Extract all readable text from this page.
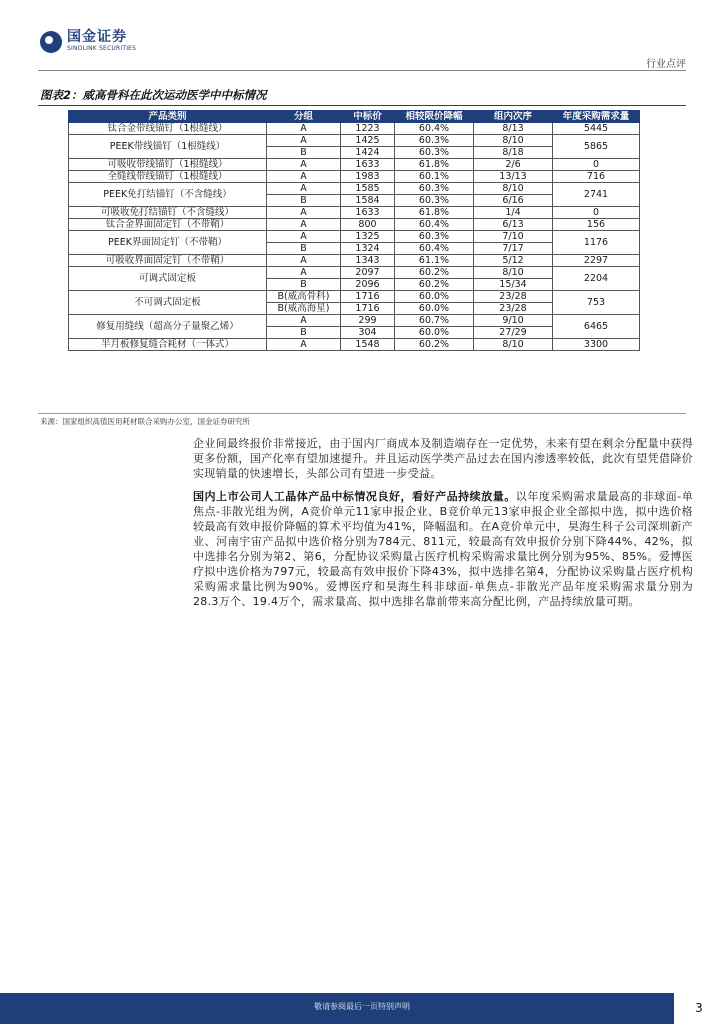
国金证券
SINOLINK SECURITIES
行业点评
图表2：威高骨科在此次运动医学中中标情况
产品类别	分组	中标价	相较限价降幅	组内次序	年度采购需求量
钛合金带线锚钉（1根缝线）	A	1223	60.4%	8/13	5445
PEEK带线锚钉（1根缝线）	A	1425	60.3%	8/10	5865
	B	1424	60.3%	8/18	
可吸收带线锚钉（1根缝线）	A	1633	61.8%	2/6	0
全缝线带线锚钉（1根缝线）	A	1983	60.1%	13/13	716
PEEK免打结锚钉（不含缝线）	A	1585	60.3%	8/10	2741
	B	1584	60.3%	6/16	
可吸收免打结锚钉（不含缝线）	A	1633	61.8%	1/4	0
钛合金界面固定钉（不带鞘）	A	800	60.4%	6/13	156
PEEK界面固定钉（不带鞘）	A	1325	60.3%	7/10	1176
	B	1324	60.4%	7/17	
可吸收界面固定钉（不带鞘）	A	1343	61.1%	5/12	2297
可调式固定板	A	2097	60.2%	8/10	2204
	B	2096	60.2%	15/34	
不可调式固定板	B(威高骨科)	1716	60.0%	23/28	753
	B(威高海星)	1716	60.0%	23/28	
修复用缝线（超高分子量聚乙烯）	A	299	60.7%	9/10	6465
	B	304	60.0%	27/29	
半月板修复缝合耗材（一体式）	A	1548	60.2%	8/10	3300
来源：国家组织高值医用耗材联合采购办公室，国金证券研究所
企业间最终报价非常接近，由于国内厂商成本及制造端存在一定优势，未来有望在剩余分配量中获得更多份额，国产化率有望加速提升。并且运动医学类产品过去在国内渗透率较低，此次有望凭借降价实现销量的快速增长，头部公司有望进一步受益。
国内上市公司人工晶体产品中标情况良好，看好产品持续放量。以年度采购需求量最高的非球面-单焦点-非散光组为例，A竞价单元11家申报企业、B竞价单元13家申报企业全部拟中选，拟中选价格较最高有效申报价降幅的算术平均值为41%，降幅温和。在A竞价单元中，昊海生科子公司深圳新产业、河南宇宙产品拟中选价格分别为784元、811元，较最高有效申报价分别下降44%、42%，拟中选排名分别为第2、第6，分配协议采购量占医疗机构采购需求量比例分别为95%、85%。爱博医疗拟中选价格为797元，较最高有效申报价下降43%，拟中选排名第4，分配协议采购量占医疗机构采购需求量比例为90%。爱博医疗和昊海生科非球面-单焦点-非散光产品年度采购需求量分别为28.3万个、19.4万个，需求量高、拟中选排名靠前带来高分配比例，产品持续放量可期。
敬请参阅最后一页特别声明	3
